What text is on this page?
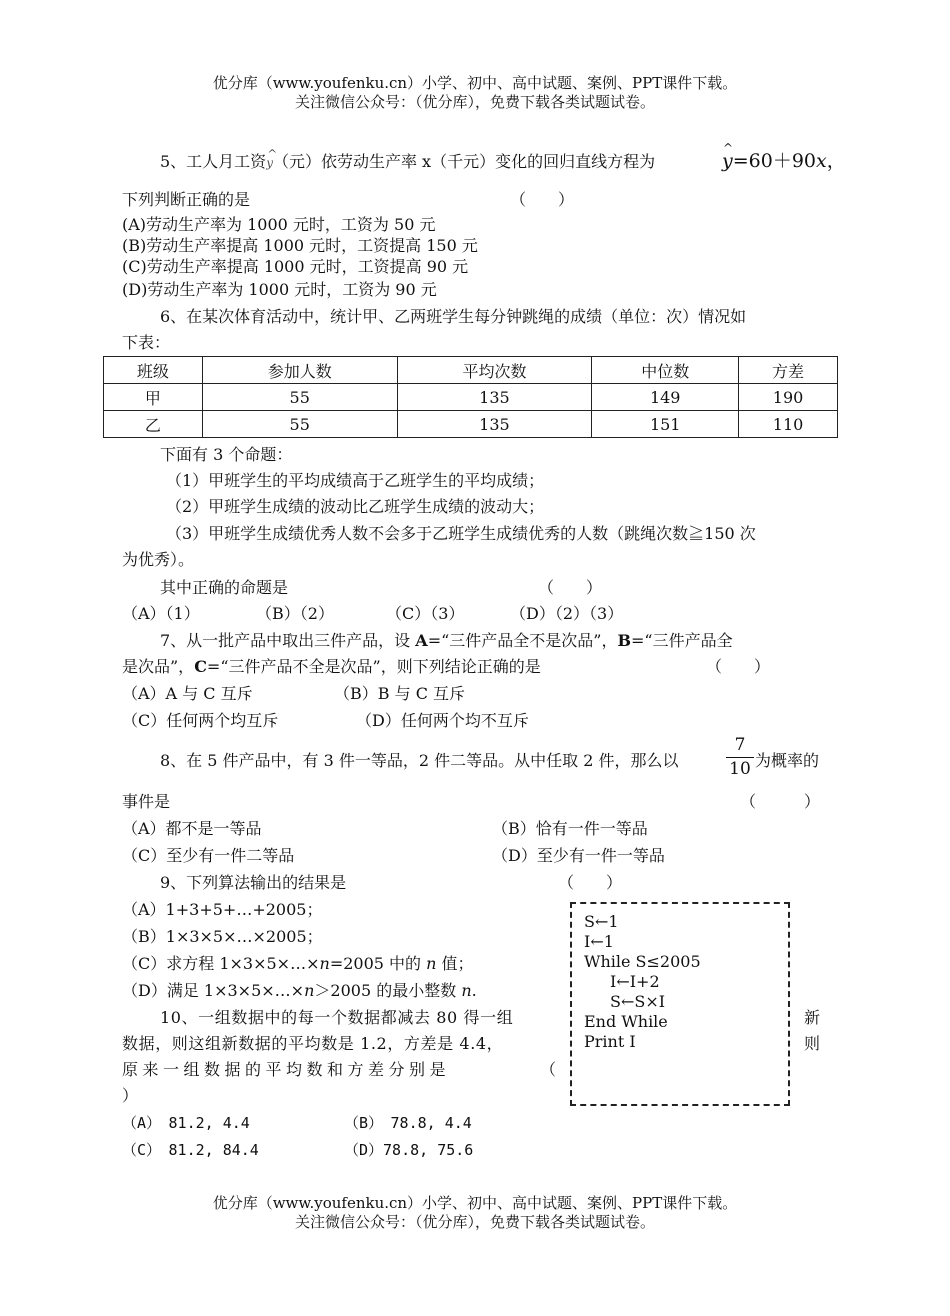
优分库（www.youfenku.cn）小学、初中、高中试题、案例、PPT课件下载。
关注微信公众号：（优分库），免费下载各类试题试卷。
5、工人月工资^ y（元）依劳动生产率 x（千元）变化的回归直线方程为	^ y=60＋90x，
下列判断正确的是	（　　）
(A)劳动生产率为 1000 元时，工资为 50 元
(B)劳动生产率提高 1000 元时，工资提高 150 元
(C)劳动生产率提高 1000 元时，工资提高 90 元
(D)劳动生产率为 1000 元时，工资为 90 元
6、在某次体育活动中，统计甲、乙两班学生每分钟跳绳的成绩（单位：次）情况如
下表：
班级	参加人数	平均次数	中位数	方差
甲	55	135	149	190
乙	55	135	151	110
下面有 3 个命题：
（1）甲班学生的平均成绩高于乙班学生的平均成绩；
（2）甲班学生成绩的波动比乙班学生成绩的波动大；
（3）甲班学生成绩优秀人数不会多于乙班学生成绩优秀的人数（跳绳次数≧150 次
为优秀）。
其中正确的命题是	（　　）
（A）（1）	（B）（2）	（C）（3）	（D）（2）（3）
7、从一批产品中取出三件产品，设 A=“三件产品全不是次品”，B=“三件产品全
是次品”，C=“三件产品不全是次品”，则下列结论正确的是	（　　）
（A）A 与 C 互斥	（B）B 与 C 互斥
（C）任何两个均互斥	（D）任何两个均不互斥
8、在 5 件产品中，有 3 件一等品，2 件二等品。从中任取 2 件，那么以
7
10 为概率的
事件是	（　　　）
（A）都不是一等品	（B）恰有一件一等品
（C）至少有一件二等品	（D）至少有一件一等品
9、下列算法输出的结果是	（　　）
（A）1+3+5+…+2005；
（B）1×3×5×…×2005；
（C）求方程 1×3×5×…×n=2005 中的 n 值；
（D）满足 1×3×5×…×n＞2005 的最小整数 n.
S←1
I←1
While S≤2005
I←I+2
S←S×I
End While
Print I
10、一组数据中的每一个数据都减去 80 得一组	新
数据，则这组新数据的平均数是 1.2，方差是 4.4，	则
原来一组数据的平均数和方差分别是	（
）
（A）　81.2, 4.4	（B）　78.8, 4.4
（C）　81.2, 84.4	（D）78.8, 75.6
优分库（www.youfenku.cn）小学、初中、高中试题、案例、PPT课件下载。
关注微信公众号：（优分库），免费下载各类试题试卷。
